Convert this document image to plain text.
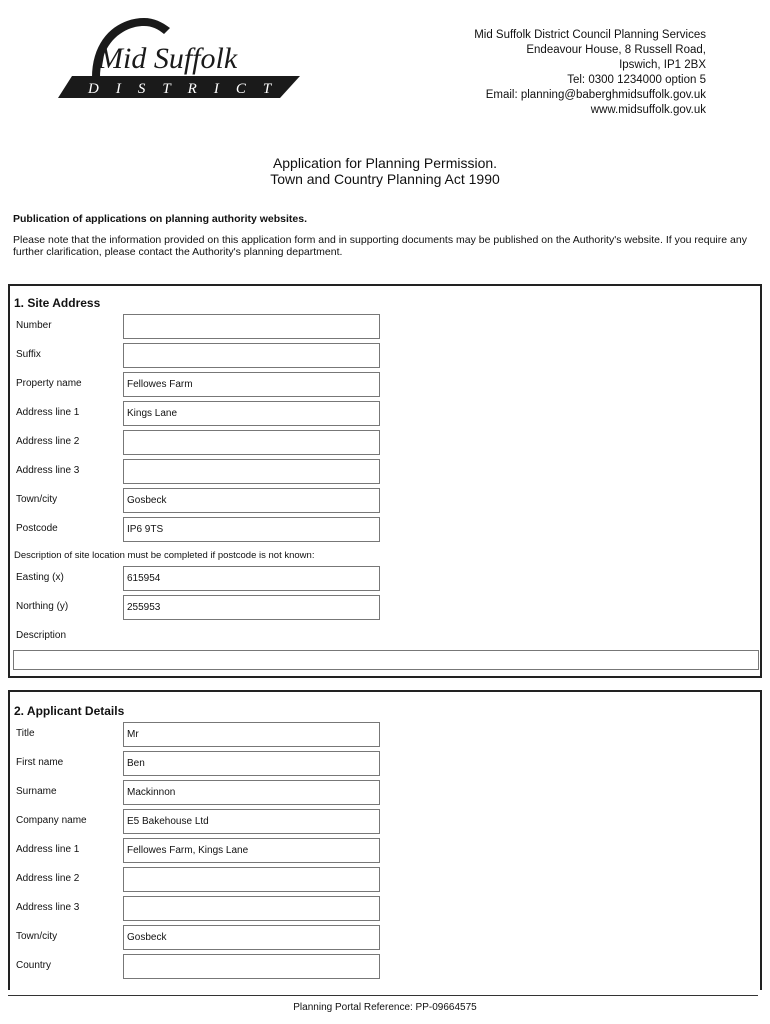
Mid Suffolk
DISTRICT
Mid Suffolk District Council Planning Services
Endeavour House, 8 Russell Road,
Ipswich, IP1 2BX
Tel: 0300 1234000 option 5
Email: planning@baberghmidsuffolk.gov.uk
www.midsuffolk.gov.uk
Application for Planning Permission.
Town and Country Planning Act 1990
Publication of applications on planning authority websites.
Please note that the information provided on this application form and in supporting documents may be published on the Authority's website. If you require any further clarification, please contact the Authority's planning department.
1. Site Address
Number
Suffix
Property name
Fellowes Farm
Address line 1
Kings Lane
Address line 2
Address line 3
Town/city
Gosbeck
Postcode
IP6 9TS
Description of site location must be completed if postcode is not known:
Easting (x)
615954
Northing (y)
255953
Description
2. Applicant Details
Title
Mr
First name
Ben
Surname
Mackinnon
Company name
E5 Bakehouse Ltd
Address line 1
Fellowes Farm, Kings Lane
Address line 2
Address line 3
Town/city
Gosbeck
Country
Planning Portal Reference: PP-09664575
